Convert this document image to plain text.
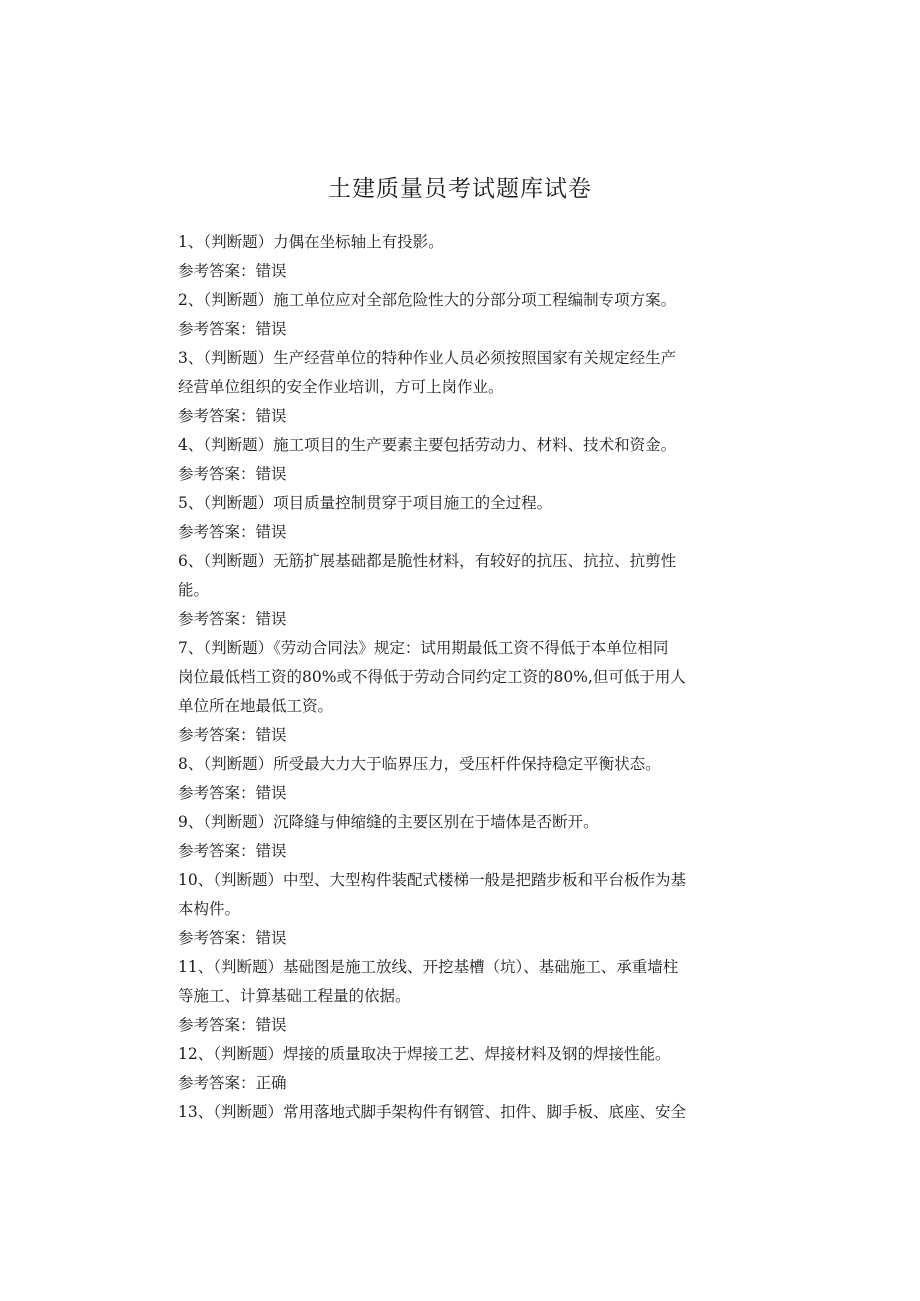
土建质量员考试题库试卷
1、（判断题）力偶在坐标轴上有投影。
参考答案：错误
2、（判断题）施工单位应对全部危险性大的分部分项工程编制专项方案。
参考答案：错误
3、（判断题）生产经营单位的特种作业人员必须按照国家有关规定经生产
经营单位组织的安全作业培训，方可上岗作业。
参考答案：错误
4、（判断题）施工项目的生产要素主要包括劳动力、材料、技术和资金。
参考答案：错误
5、（判断题）项目质量控制贯穿于项目施工的全过程。
参考答案：错误
6、（判断题）无筋扩展基础都是脆性材料，有较好的抗压、抗拉、抗剪性
能。
参考答案：错误
7、（判断题）《劳动合同法》规定：试用期最低工资不得低于本单位相同
岗位最低档工资的80%或不得低于劳动合同约定工资的80%,但可低于用人
单位所在地最低工资。
参考答案：错误
8、（判断题）所受最大力大于临界压力，受压杆件保持稳定平衡状态。
参考答案：错误
9、（判断题）沉降缝与伸缩缝的主要区别在于墙体是否断开。
参考答案：错误
10、（判断题）中型、大型构件装配式楼梯一般是把踏步板和平台板作为基
本构件。
参考答案：错误
11、（判断题）基础图是施工放线、开挖基槽（坑）、基础施工、承重墙柱
等施工、计算基础工程量的依据。
参考答案：错误
12、（判断题）焊接的质量取决于焊接工艺、焊接材料及钢的焊接性能。
参考答案：正确
13、（判断题）常用落地式脚手架构件有钢管、扣件、脚手板、底座、安全
